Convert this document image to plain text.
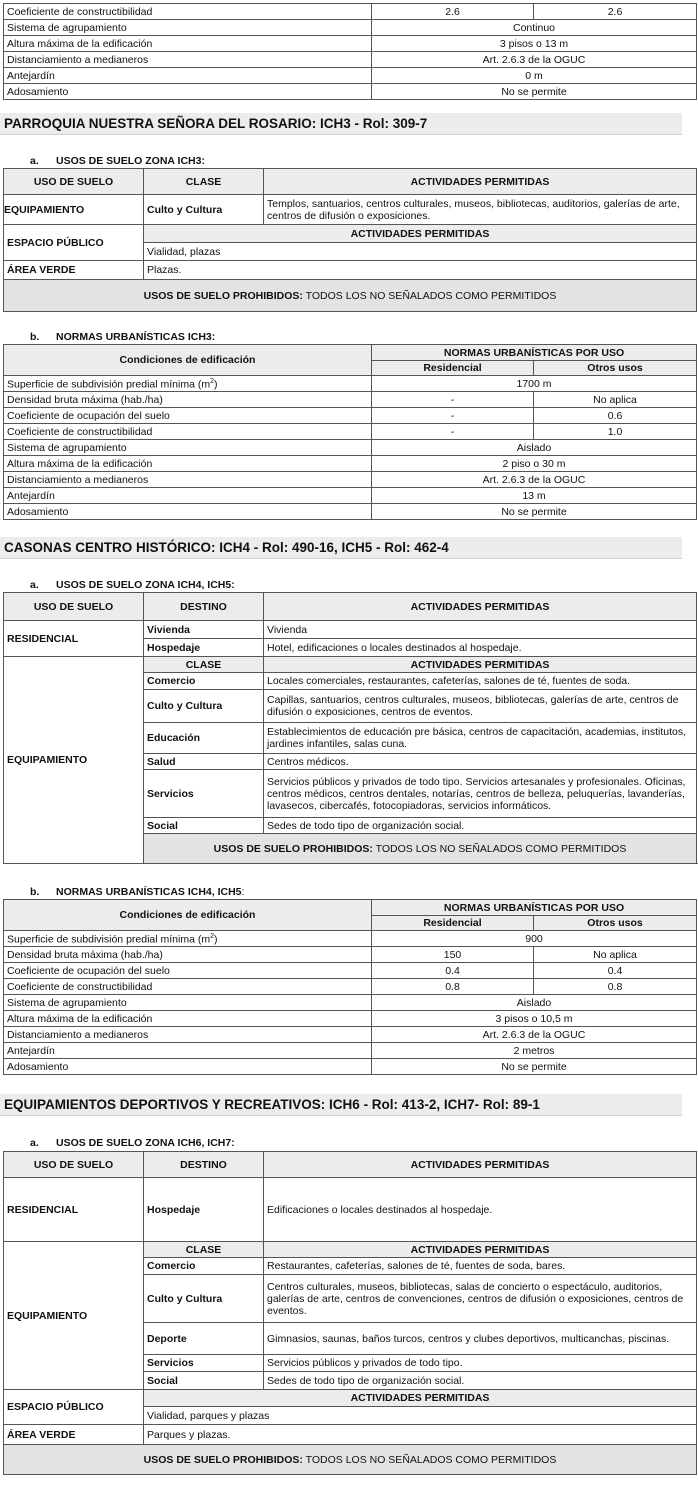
Coeficiente de constructibilidad	2.6	2.6
Sistema de agrupamiento	Continuo	
Altura máxima de la edificación	3 pisos o 13 m	
Distanciamiento a medianeros	Art. 2.6.3 de la OGUC	
Antejardín	0 m	
Adosamiento	No se permite	
PARROQUIA NUESTRA SEÑORA DEL ROSARIO: ICH3 - Rol: 309-7
a. USOS DE SUELO ZONA ICH3:
USO DE SUELO	CLASE	ACTIVIDADES PERMITIDAS
EQUIPAMIENTO	Culto y Cultura	Templos, santuarios, centros culturales, museos, bibliotecas, auditorios, galerías de arte, centros de difusión o exposiciones.
ESPACIO PÚBLICO	ACTIVIDADES PERMITIDAS	
	Vialidad, plazas	
ÁREA VERDE	Plazas.	
USOS DE SUELO PROHIBIDOS: TODOS LOS NO SEÑALADOS COMO PERMITIDOS		
b. NORMAS URBANÍSTICAS ICH3:
Condiciones de edificación	NORMAS URBANÍSTICAS POR USO	
	Residencial	Otros usos
Superficie de subdivisión predial mínima $(m^2)$	1700 m	
Densidad bruta máxima (hab./ha)	-	No aplica
Coeficiente de ocupación del suelo	-	0.6
Coeficiente de constructibilidad	-	1.0
Sistema de agrupamiento	Aislado	
Altura máxima de la edificación	2 piso o 30 m	
Distanciamiento a medianeros	Art. 2.6.3 de la OGUC	
Antejardín	13 m	
Adosamiento	No se permite	
CASONAS CENTRO HISTÓRICO: ICH4 - Rol: 490-16, ICH5 - Rol: 462-4
a. USOS DE SUELO ZONA ICH4, ICH5:
USO DE SUELO	DESTINO	ACTIVIDADES PERMITIDAS
RESIDENCIAL	Vivienda	Vivienda
	Hospedaje	Hotel, edificaciones o locales destinados al hospedaje.
EQUIPAMIENTO	CLASE	ACTIVIDADES PERMITIDAS
	Comercio	Locales comerciales, restaurantes, cafeterías, salones de té, fuentes de soda.
	Culto y Cultura	Capillas, santuarios, centros culturales, museos, bibliotecas, galerías de arte, centros de difusión o exposiciones, centros de eventos.
	Educación	Establecimientos de educación pre básica, centros de capacitación, academias, institutos, jardines infantiles, salas cuna.
	Salud	Centros médicos.
	Servicios	Servicios públicos y privados de todo tipo. Servicios artesanales y profesionales. Oficinas, centros médicos, centros dentales, notarías, centros de belleza, peluquerías, lavanderías, lavasecos, cibercafés, fotocopiadoras, servicios informáticos.
	Social	Sedes de todo tipo de organización social.
	USOS DE SUELO PROHIBIDOS: TODOS LOS NO SEÑALADOS COMO PERMITIDOS	
b. NORMAS URBANÍSTICAS ICH4, ICH5:
Condiciones de edificación	NORMAS URBANÍSTICAS POR USO	
	Residencial	Otros usos
Superficie de subdivisión predial mínima $(m^2)$	900	
Densidad bruta máxima (hab./ha)	150	No aplica
Coeficiente de ocupación del suelo	0.4	0.4
Coeficiente de constructibilidad	0.8	0.8
Sistema de agrupamiento	Aislado	
Altura máxima de la edificación	3 pisos o 10,5 m	
Distanciamiento a medianeros	Art. 2.6.3 de la OGUC	
Antejardín	2 metros	
Adosamiento	No se permite	
EQUIPAMIENTOS DEPORTIVOS Y RECREATIVOS: ICH6 - Rol: 413-2, ICH7- Rol: 89-1
a. USOS DE SUELO ZONA ICH6, ICH7:
USO DE SUELO	DESTINO	ACTIVIDADES PERMITIDAS
RESIDENCIAL	Hospedaje	Edificaciones o locales destinados al hospedaje.
EQUIPAMIENTO	CLASE	ACTIVIDADES PERMITIDAS
	Comercio	Restaurantes, cafeterías, salones de té, fuentes de soda, bares.
	Culto y Cultura	Centros culturales, museos, bibliotecas, salas de concierto o espectáculo, auditorios, galerías de arte, centros de convenciones, centros de difusión o exposiciones, centros de eventos.
	Deporte	Gimnasios, saunas, baños turcos, centros y clubes deportivos, multicanchas, piscinas.
	Servicios	Servicios públicos y privados de todo tipo.
	Social	Sedes de todo tipo de organización social.
ESPACIO PÚBLICO	ACTIVIDADES PERMITIDAS	
	Vialidad, parques y plazas	
ÁREA VERDE	Parques y plazas.	
USOS DE SUELO PROHIBIDOS: TODOS LOS NO SEÑALADOS COMO PERMITIDOS		
